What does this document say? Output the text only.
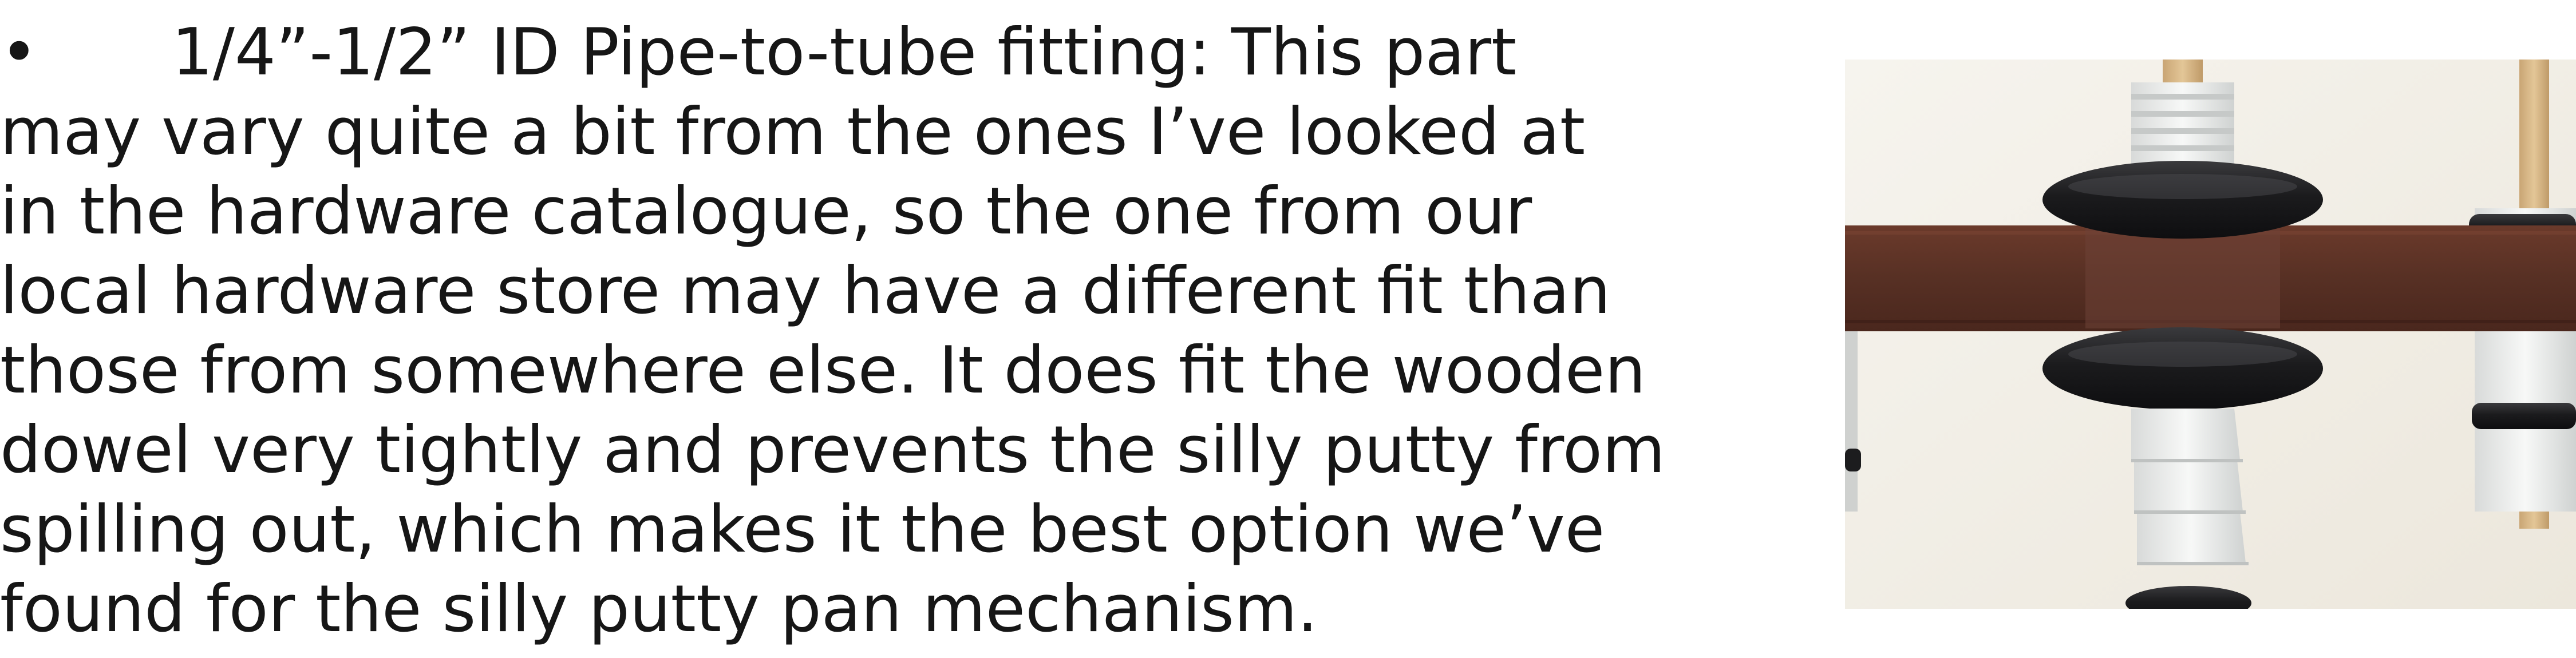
• 1/4”-1/2” ID Pipe-to-tube fitting: This part
may vary quite a bit from the ones I’ve looked at
in the hardware catalogue, so the one from our
local hardware store may have a different fit than
those from somewhere else. It does fit the wooden
dowel very tightly and prevents the silly putty from
spilling out, which makes it the best option we’ve
found for the silly putty pan mechanism.
